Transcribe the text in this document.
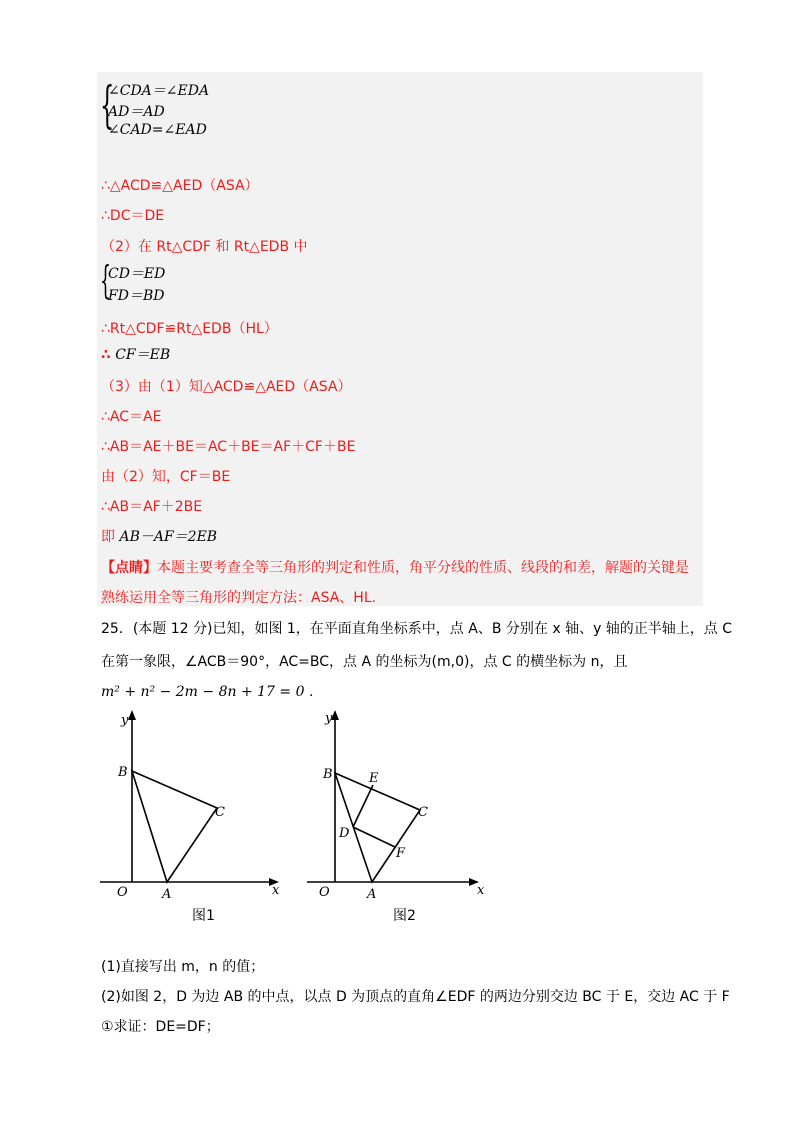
{
∠CDA＝∠EDA
AD＝AD
∠CAD=∠EAD
∴△ACD≌△AED（ASA）
∴DC＝DE
（2）在 Rt△CDF 和 Rt△EDB 中
{
CD＝ED
FD＝BD
∴Rt△CDF≌Rt△EDB（HL）
∴ CF＝EB
（3）由（1）知△ACD≌△AED（ASA）
∴AC＝AE
∴AB＝AE＋BE＝AC＋BE＝AF＋CF＋BE
由（2）知，CF＝BE
∴AB＝AF＋2BE
即 AB－AF＝2EB
【点睛】本题主要考查全等三角形的判定和性质，角平分线的性质、线段的和差，解题的关键是
熟练运用全等三角形的判定方法：ASA、HL.
25．(本题 12 分)已知，如图 1，在平面直角坐标系中，点 A、B 分别在 x 轴、y 轴的正半轴上，点 C
在第一象限，∠ACB＝90°，AC=BC，点 A 的坐标为(m,0)，点 C 的横坐标为 n，且
m² + n² − 2m − 8n + 17 = 0 .
y
B
C
O	A	x
图1
y
B	E
C
D
F
O	A	x
图2
(1)直接写出 m，n 的值；
(2)如图 2，D 为边 AB 的中点，以点 D 为顶点的直角∠EDF 的两边分别交边 BC 于 E，交边 AC 于 F
①求证：DE=DF；
